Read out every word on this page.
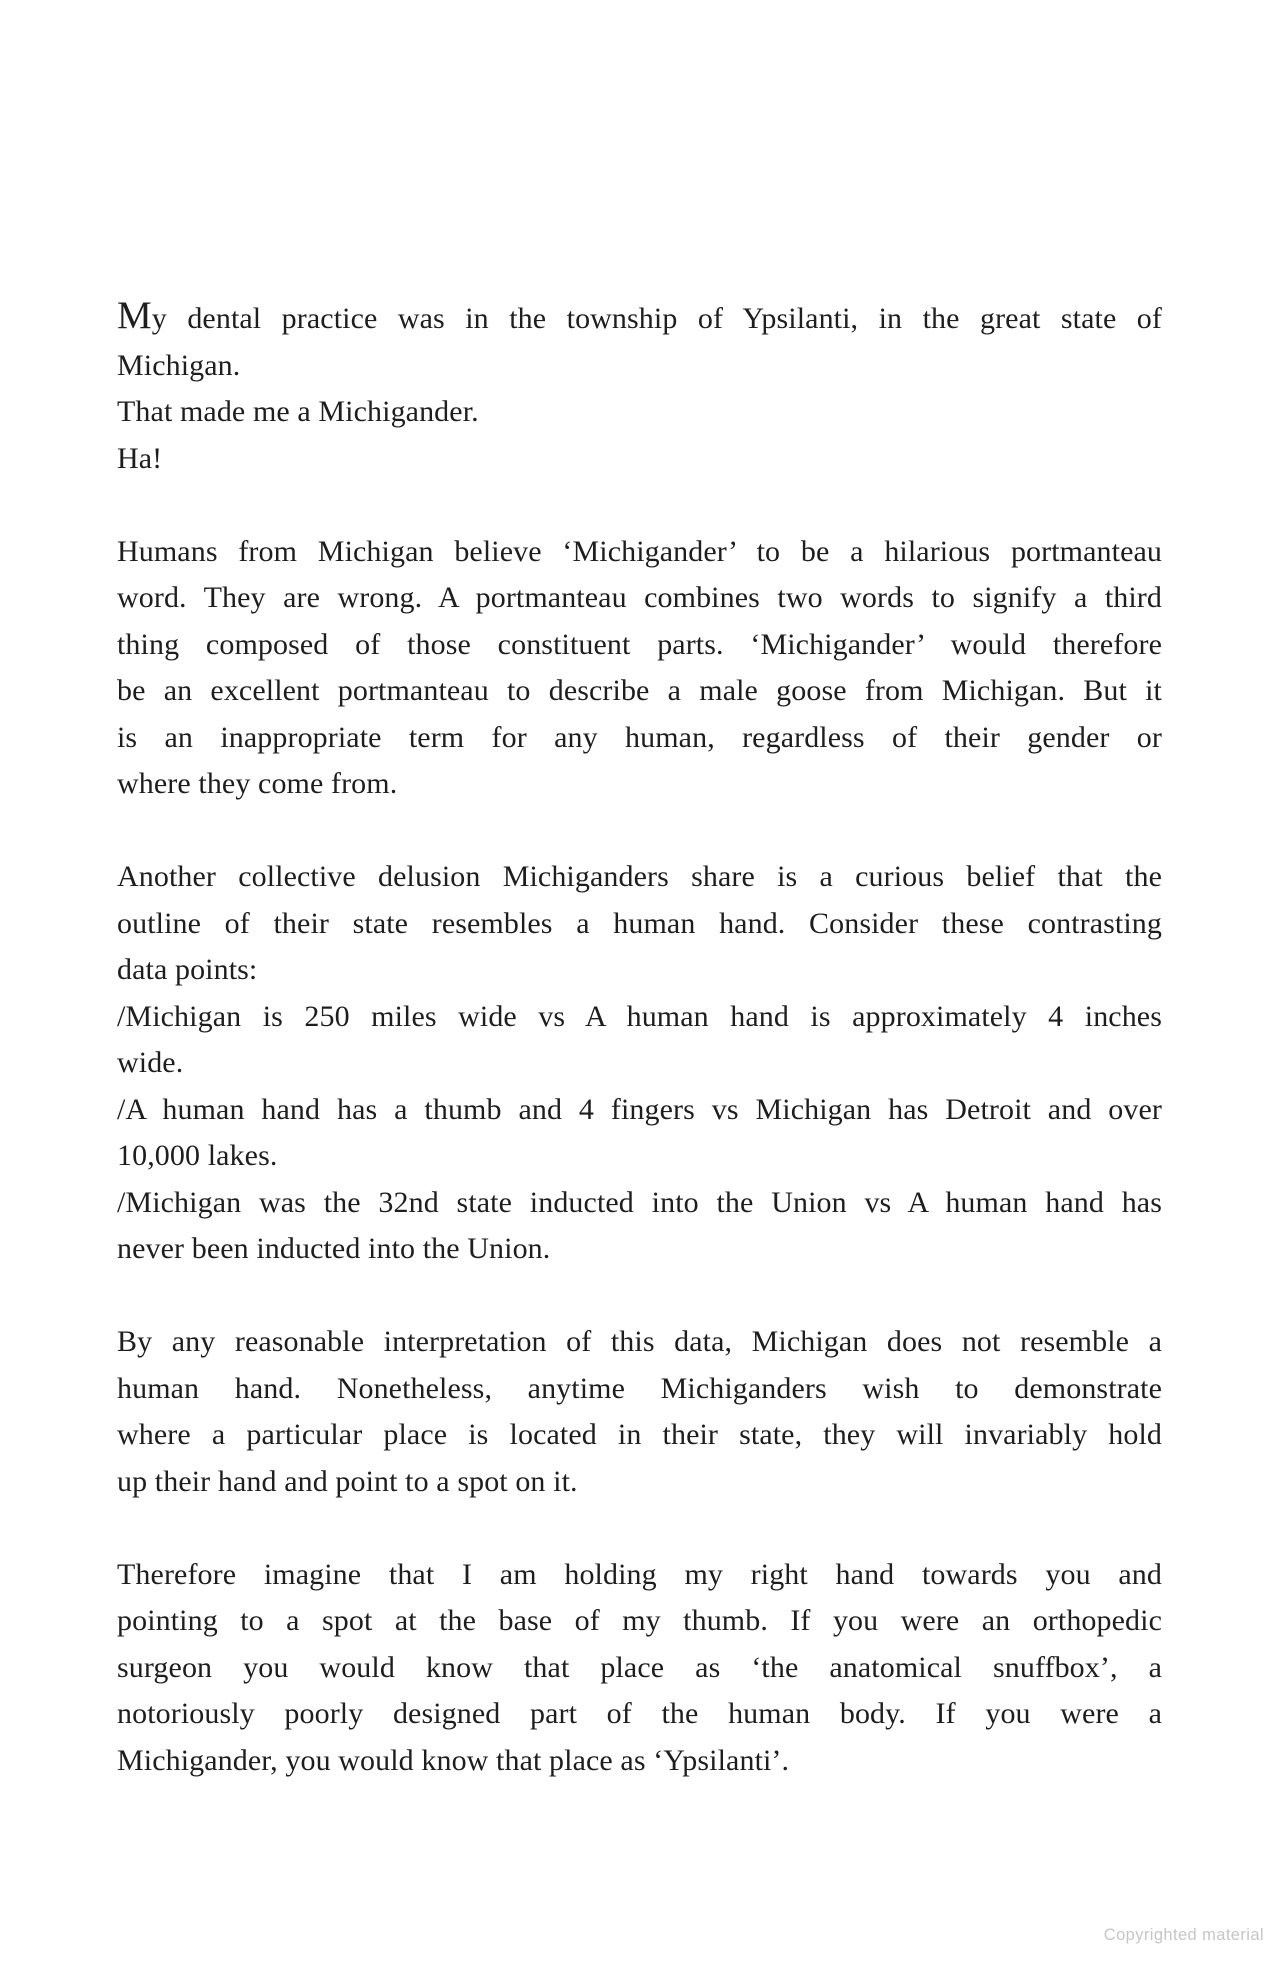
My dental practice was in the township of Ypsilanti, in the great state of
Michigan.
That made me a Michigander.
Ha!
Humans from Michigan believe ‘Michigander’ to be a hilarious portmanteau
word. They are wrong. A portmanteau combines two words to signify a third
thing composed of those constituent parts. ‘Michigander’ would therefore
be an excellent portmanteau to describe a male goose from Michigan. But it
is an inappropriate term for any human, regardless of their gender or
where they come from.
Another collective delusion Michiganders share is a curious belief that the
outline of their state resembles a human hand. Consider these contrasting
data points:
/Michigan is 250 miles wide vs A human hand is approximately 4 inches
wide.
/A human hand has a thumb and 4 fingers vs Michigan has Detroit and over
10,000 lakes.
/Michigan was the 32nd state inducted into the Union vs A human hand has
never been inducted into the Union.
By any reasonable interpretation of this data, Michigan does not resemble a
human hand. Nonetheless, anytime Michiganders wish to demonstrate
where a particular place is located in their state, they will invariably hold
up their hand and point to a spot on it.
Therefore imagine that I am holding my right hand towards you and
pointing to a spot at the base of my thumb. If you were an orthopedic
surgeon you would know that place as ‘the anatomical snuffbox’, a
notoriously poorly designed part of the human body. If you were a
Michigander, you would know that place as ‘Ypsilanti’.
Copyrighted material
